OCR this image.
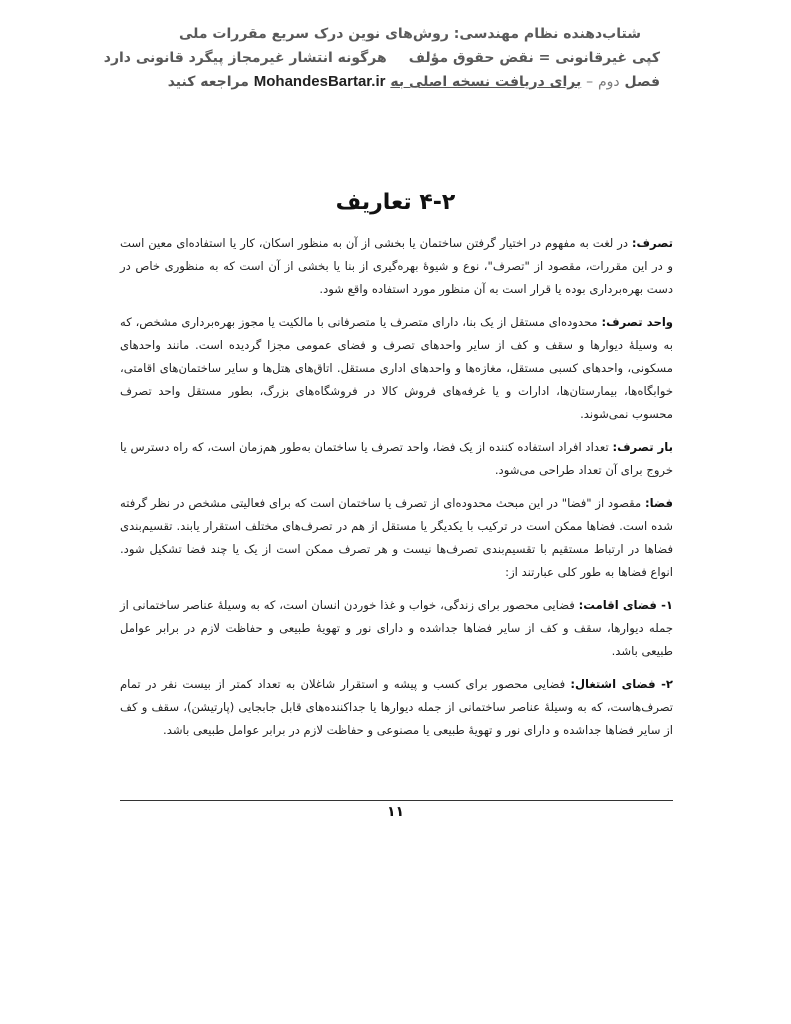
شتاب‌دهنده نظام مهندسی: روش‌های نوین درک سریع مقررات ملی
کپی غیرقانونی = نقض حقوق مؤلفهرگونه انتشار غیرمجاز پیگرد قانونی دارد
فصل دوم – برای دریافت نسخه اصلی به MohandesBartar.ir مراجعه کنید
۴-۲ تعاریف

تصرف: در لغت به مفهوم در اختیار گرفتن ساختمان یا بخشی از آن به منظور اسکان، کار یا استفاده‌ای معین است و در این مقررات، مقصود از "تصرف"، نوع و شیوهٔ بهره‌گیری از بنا یا بخشی از آن است که به منظوری خاص در دست بهره‌برداری بوده یا قرار است به آن منظور مورد استفاده واقع شود.

واحد تصرف: محدوده‌ای مستقل از یک بنا، دارای متصرف یا متصرفانی با مالکیت یا مجوز بهره‌برداری مشخص، که به وسیلهٔ دیوارها و سقف و کف از سایر واحدهای تصرف و فضای عمومی مجزا گردیده است. مانند واحدهای مسکونی، واحدهای کسبی مستقل، مغازه‌ها و واحدهای اداری مستقل. اتاق‌های هتل‌ها و سایر ساختمان‌های اقامتی، خوابگاه‌ها، بیمارستان‌ها، ادارات و یا غرفه‌های فروش کالا در فروشگاه‌های بزرگ، بطور مستقل واحد تصرف محسوب نمی‌شوند.

بار تصرف: تعداد افراد استفاده کننده از یک فضا، واحد تصرف یا ساختمان به‌طور هم‌زمان است، که راه دسترس یا خروج برای آن تعداد طراحی می‌شود.

فضا: مقصود از "فضا" در این مبحث محدوده‌ای از تصرف یا ساختمان است که برای فعالیتی مشخص در نظر گرفته شده است. فضاها ممکن است در ترکیب با یکدیگر یا مستقل از هم در تصرف‌های مختلف استقرار یابند. تقسیم‌بندی فضاها در ارتباط مستقیم با تقسیم‌بندی تصرف‌ها نیست و هر تصرف ممکن است از یک یا چند فضا تشکیل شود. انواع فضاها به طور کلی عبارتند از:

۱- فضای اقامت: فضایی محصور برای زندگی، خواب و غذا خوردن انسان است، که به وسیلهٔ عناصر ساختمانی از جمله دیوارها، سقف و کف از سایر فضاها جداشده و دارای نور و تهویهٔ طبیعی و حفاظت لازم در برابر عوامل طبیعی باشد.

۲- فضای اشتغال: فضایی محصور برای کسب و پیشه و استقرار شاغلان به تعداد کمتر از بیست نفر در تمام تصرف‌هاست، که به وسیلهٔ عناصر ساختمانی از جمله دیوارها یا جداکننده‌های قابل جابجایی (پارتیشن)، سقف و کف از سایر فضاها جداشده و دارای نور و تهویهٔ طبیعی یا مصنوعی و حفاظت لازم در برابر عوامل طبیعی باشد.

۱۱
